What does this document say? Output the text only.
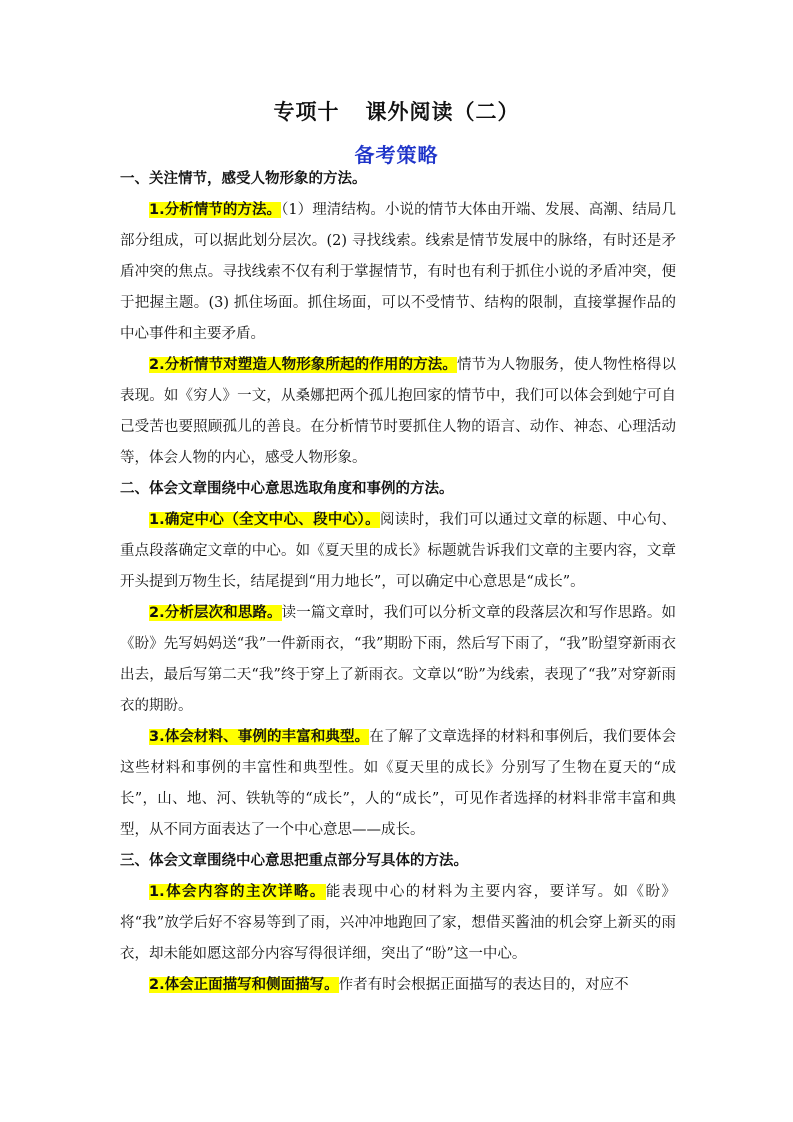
专项十 课外阅读（二）
备考策略

一、关注情节，感受人物形象的方法。

1.分析情节的方法。（1）理清结构。小说的情节大体由开端、发展、高潮、结局几部分组成，可以据此划分层次。(2) 寻找线索。线索是情节发展中的脉络，有时还是矛盾冲突的焦点。寻找线索不仅有利于掌握情节，有时也有利于抓住小说的矛盾冲突，便于把握主题。(3) 抓住场面。抓住场面，可以不受情节、结构的限制，直接掌握作品的中心事件和主要矛盾。

2.分析情节对塑造人物形象所起的作用的方法。情节为人物服务，使人物性格得以表现。如《穷人》一文，从桑娜把两个孤儿抱回家的情节中，我们可以体会到她宁可自己受苦也要照顾孤儿的善良。在分析情节时要抓住人物的语言、动作、神态、心理活动等，体会人物的内心，感受人物形象。

二、体会文章围绕中心意思选取角度和事例的方法。

1.确定中心（全文中心、段中心）。阅读时，我们可以通过文章的标题、中心句、重点段落确定文章的中心。如《夏天里的成长》标题就告诉我们文章的主要内容，文章开头提到万物生长，结尾提到“用力地长”，可以确定中心意思是“成长”。

2.分析层次和思路。读一篇文章时，我们可以分析文章的段落层次和写作思路。如《盼》先写妈妈送“我”一件新雨衣，“我”期盼下雨，然后写下雨了，“我”盼望穿新雨衣出去，最后写第二天“我”终于穿上了新雨衣。文章以“盼”为线索，表现了“我”对穿新雨衣的期盼。

3.体会材料、事例的丰富和典型。在了解了文章选择的材料和事例后，我们要体会这些材料和事例的丰富性和典型性。如《夏天里的成长》分别写了生物在夏天的“成长”，山、地、河、铁轨等的“成长”，人的“成长”，可见作者选择的材料非常丰富和典型，从不同方面表达了一个中心意思——成长。

三、体会文章围绕中心意思把重点部分写具体的方法。

1.体会内容的主次详略。能表现中心的材料为主要内容，要详写。如《盼》将“我”放学后好不容易等到了雨，兴冲冲地跑回了家，想借买酱油的机会穿上新买的雨衣，却未能如愿这部分内容写得很详细，突出了“盼”这一中心。

2.体会正面描写和侧面描写。作者有时会根据正面描写的表达目的，对应不
